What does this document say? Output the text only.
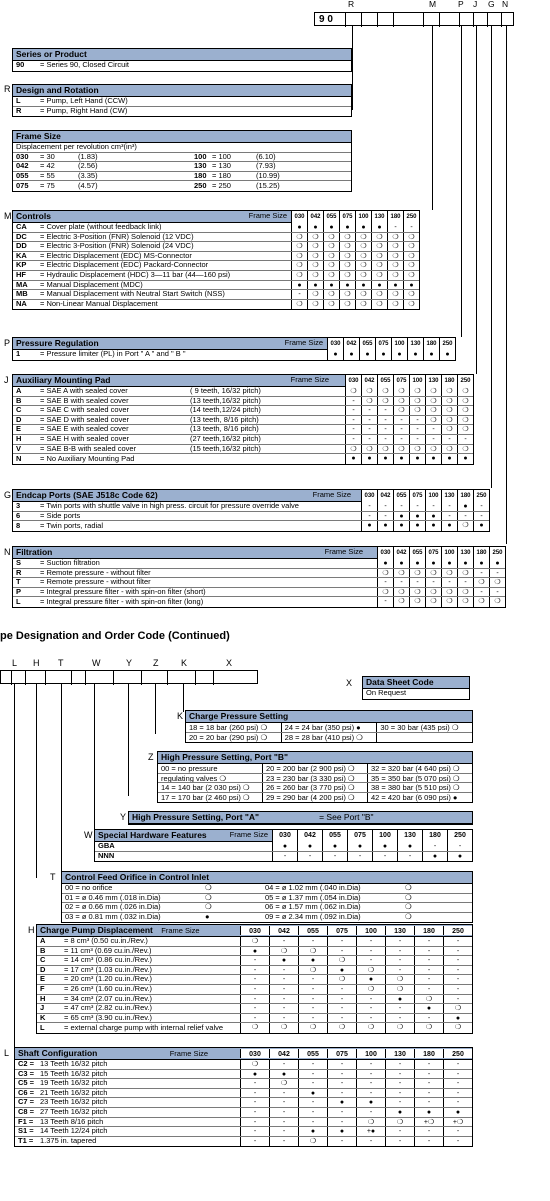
R	M	P J G N
9 0
Series or Product
90 = Series 90, Closed Circuit
R Design and Rotation
L	= Pump, Left Hand (CCW)
R = Pump, Right Hand (CW)
Frame Size
Displacement per revolution cm³(in³)
030	= 30	(1.83)	100 = 100	(6.10)
042	= 42	(2.56)	130 = 130	(7.93)
055	= 55	(3.35)	180 = 180	(10.99)
075	= 75	(4.57)	250 = 250	(15.25)
M Controls	Frame Size	030 042 055 075 100 130 180 250
CA = Cover plate (without feedback link)	●	●	●	●	●	●	-	-
DC = Electric 3-Position (FNR) Solenoid (12 VDC)	❍	❍	❍	❍	❍	❍	❍	❍
DD = Electric 3-Position (FNR) Solenoid (24 VDC)	❍	❍	❍	❍	❍	❍	❍	❍
KA = Electric Displacement (EDC) MS-Connector	❍	❍	❍	❍	❍	❍	❍	❍
KP = Electric Displacement (EDC) Packard-Connector	❍	❍	❍	❍	❍	❍	❍	❍
HF = Hydraulic Displacement (HDC) 3—11 bar (44—160 psi)	❍	❍	❍	❍	❍	❍	❍	❍
MA = Manual Displacement (MDC)	●	●	●	●	●	●	●	●
MB = Manual Displacement with Neutral Start Switch (NSS)	-	❍	❍	❍	❍	❍	❍	❍
NA = Non-Linear Manual Displacement	❍	❍	❍	❍	❍	❍	❍	❍
P Pressure Regulation	Frame Size	030 042 055 075 100 130 180 250
1	= Pressure limiter (PL) in Port " A " and " B "	●	●	●	●	●	●	●	●
J Auxiliary Mounting Pad	Frame Size	030 042 055 075 100 130 180 250
A = SAE A with sealed cover	( 9 teeth, 16/32 pitch)	❍	❍	❍	❍	❍	❍	❍	❍
B = SAE B with sealed cover	(13 teeth,16/32 pitch)	-	❍	❍	❍	❍	❍	❍	❍
C = SAE C with sealed cover	(14 teeth,12/24 pitch)	-	-	-	❍	❍	❍	❍	❍
D = SAE D with sealed cover	(13 teeth, 8/16 pitch)	-	-	-	-	-	❍	❍	❍
E	= SAE E with sealed cover	(13 teeth, 8/16 pitch)	-	-	-	-	-	-	❍	❍
H = SAE H with sealed cover	(27 teeth,16/32 pitch)	-	-	-	-	-	-	-	-
V	= SAE B-B with sealed cover	(15 teeth,16/32 pitch)	❍	❍	❍	❍	❍	❍	❍	❍
N = No Auxiliary Mounting Pad	●	●	●	●	●	●	●	●
G Endcap Ports (SAE J518c Code 62)	Frame Size	030 042 055 075 100 130 180 250
3	= Twin ports with shuttle valve in high press. circuit for pressure override valve	-	-	-	-	-	-	●	-
6	= Side ports	-	-	●	●	●	-	-	-
8	= Twin ports, radial	●	●	●	●	●	●	❍	●
N Filtration	Frame Size	030 042 055 075 100 130 180 250
S	= Suction filtration	●	●	●	●	●	●	●	●
R = Remote pressure - without filter	❍	❍	❍	❍	❍	❍	-	-
T	= Remote pressure - without filter	-	-	-	-	-	-	❍	❍
P	= Integral pressure filter - with spin-on filter (short)	❍	❍	❍	❍	❍	❍	-	-
L	= Integral pressure filter - with spin-on filter (long)	-	❍	❍	❍	❍	❍	❍	❍
pe Designation and Order Code (Continued)
L H T	W	Y Z	K	X
X Data Sheet Code
On Request
K Charge Pressure Setting
18 = 18 bar (260 psi) ❍	24 = 24 bar (350 psi) ●	30 = 30 bar (435 psi) ❍
20 = 20 bar (290 psi) ❍	28 = 28 bar (410 psi) ❍
Z High Pressure Setting, Port "B"
00 = no pressure	20 = 200 bar (2 900 psi) ❍	32 = 320 bar (4 640 psi) ❍
regulating valves ❍	23 = 230 bar (3 330 psi) ❍	35 = 350 bar (5 070 psi) ❍
14 = 140 bar (2 030 psi) ❍	26 = 260 bar (3 770 psi) ❍	38 = 380 bar (5 510 psi) ❍
17 = 170 bar (2 460 psi) ❍	29 = 290 bar (4 200 psi) ❍	42 = 420 bar (6 090 psi) ●
Y High Pressure Setting, Port "A"	= See Port "B"
W Special Hardware Features	Frame Size	030	042	055	075	100	130	180	250
GBA	●	●	●	●	●	●	-	-
NNN	-	-	-	-	-	-	●	●
T Control Feed Orifice in Control Inlet
00 = no orifice	❍	04 = ø 1.02 mm (.040 in.Dia)	❍
01 = ø 0.46 mm (.018 in.Dia)	❍	05 = ø 1.37 mm (.054 in.Dia)	❍
02 = ø 0.66 mm (.026 in.Dia)	❍	06 = ø 1.57 mm (.062 in.Dia)	❍
03 = ø 0.81 mm (.032 in.Dia)	●	09 = ø 2.34 mm (.092 in.Dia)	❍
H Charge Pump Displacement Frame Size	030	042	055	075	100	130	180	250
A = 8 cm³ (0.50 cu.in./Rev.)	❍	-	-	-	-	-	-	-
B = 11 cm³ (0.69 cu.in./Rev.)	●	❍	❍	-	-	-	-	-
C = 14 cm³ (0.86 cu.in./Rev.)	-	●	●	❍	-	-	-	-
D = 17 cm³ (1.03 cu.in./Rev.)	-	-	❍	●	❍	-	-	-
E	= 20 cm³ (1.20 cu.in./Rev.)	-	-	-	❍	●	❍	-	-
F	= 26 cm³ (1.60 cu.in./Rev.)	-	-	-	-	❍	❍	-	-
H = 34 cm³ (2.07 cu.in./Rev.)	-	-	-	-	-	●	❍	-
J	= 47 cm³ (2.82 cu.in./Rev.)	-	-	-	-	-	-	●	❍
K = 65 cm³ (3.90 cu.in./Rev.)	-	-	-	-	-	-	-	●
L	= external charge pump with internal relief valve	❍	❍	❍	❍	❍	❍	❍	❍
L Shaft Configuration	Frame Size	030	042	055	075	100	130	180	250
C2 = 13 Teeth 16/32 pitch	❍	-	-	-	-	-	-	-
C3 = 15 Teeth 16/32 pitch	●	●	-	-	-	-	-	-
C5 = 19 Teeth 16/32 pitch	-	❍	-	-	-	-	-	-
C6 = 21 Teeth 16/32 pitch	-	-	●	-	-	-	-	-
C7 = 23 Teeth 16/32 pitch	-	-	-	●	●	-	-	-
C8 = 27 Teeth 16/32 pitch	-	-	-	-	-	●	●	●
F1 = 13 Teeth 8/16 pitch	-	-	-	-	❍	❍	+❍	+❍
S1 = 14 Teeth 12/24 pitch	-	-	●	●	+●	-	-	-
T1 = 1.375 in. tapered	-	-	❍	-	-	-	-	-
